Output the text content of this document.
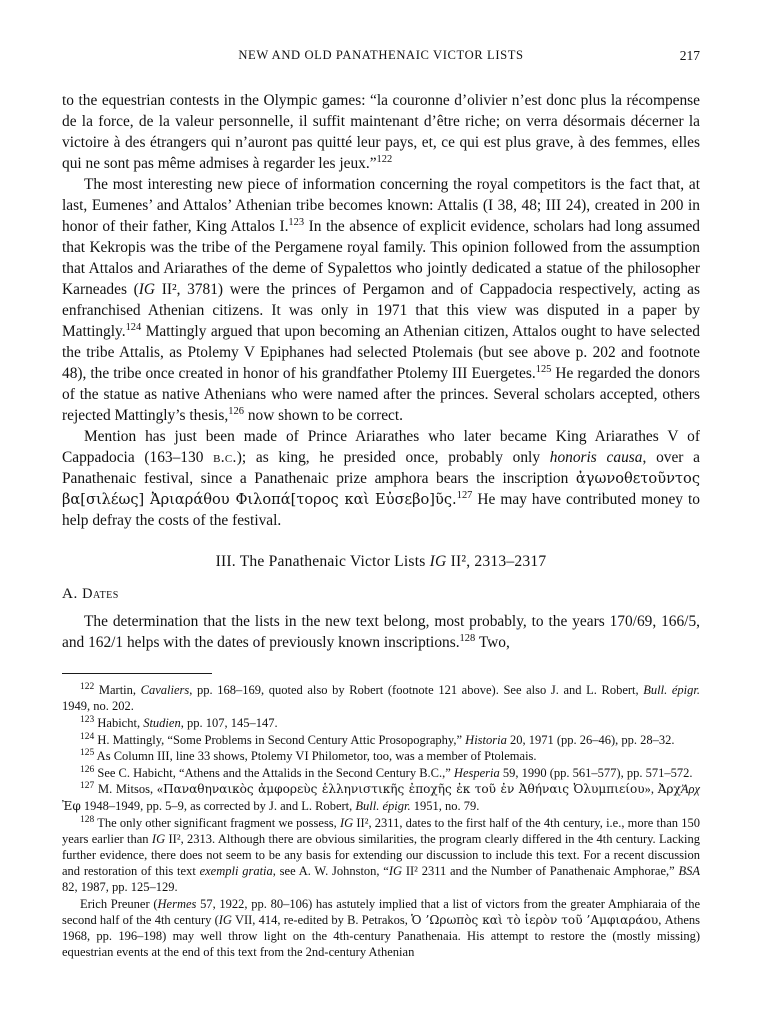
NEW AND OLD PANATHENAIC VICTOR LISTS	217

to the equestrian contests in the Olympic games: “la couronne d’olivier n’est donc plus la récompense de la force, de la valeur personnelle, il suffit maintenant d’être riche; on verra désormais décerner la victoire à des étrangers qui n’auront pas quitté leur pays, et, ce qui est plus grave, à des femmes, elles qui ne sont pas même admises à regarder les jeux.”$^{122}$

The most interesting new piece of information concerning the royal competitors is the fact that, at last, Eumenes’ and Attalos’ Athenian tribe becomes known: Attalis (I 38, 48; III 24), created in 200 in honor of their father, King Attalos I.$^{123}$ In the absence of explicit evidence, scholars had long assumed that Kekropis was the tribe of the Pergamene royal family. This opinion followed from the assumption that Attalos and Ariarathes of the deme of Sypalettos who jointly dedicated a statue of the philosopher Karneades (IG II², 3781) were the princes of Pergamon and of Cappadocia respectively, acting as enfranchised Athenian citizens. It was only in 1971 that this view was disputed in a paper by Mattingly.$^{124}$ Mattingly argued that upon becoming an Athenian citizen, Attalos ought to have selected the tribe Attalis, as Ptolemy V Epiphanes had selected Ptolemais (but see above p. 202 and footnote 48), the tribe once created in honor of his grandfather Ptolemy III Euergetes.$^{125}$ He regarded the donors of the statue as native Athenians who were named after the princes. Several scholars accepted, others rejected Mattingly’s thesis,$^{126}$ now shown to be correct.

Mention has just been made of Prince Ariarathes who later became King Ariarathes V of Cappadocia (163–130 b.c.); as king, he presided once, probably only honoris causa, over a Panathenaic festival, since a Panathenaic prize amphora bears the inscription ἀγωνοθετοῦντος βα[σιλέως] Ἀριαράθου Φιλοπά[τορος καὶ Εὐσεβο]ῦς.$^{127}$ He may have contributed money to help defray the costs of the festival.

III. The Panathenaic Victor Lists IG II², 2313–2317
A. Dates

The determination that the lists in the new text belong, most probably, to the years 170/69, 166/5, and 162/1 helps with the dates of previously known inscriptions.$^{128}$ Two,

$^{122}$ Martin, Cavaliers, pp. 168–169, quoted also by Robert (footnote 121 above). See also J. and L. Robert, Bull. épigr. 1949, no. 202.

$^{123}$ Habicht, Studien, pp. 107, 145–147.

$^{124}$ H. Mattingly, “Some Problems in Second Century Attic Prosopography,” Historia 20, 1971 (pp. 26–46), pp. 28–32.

$^{125}$ As Column III, line 33 shows, Ptolemy VI Philometor, too, was a member of Ptolemais.

$^{126}$ See C. Habicht, “Athens and the Attalids in the Second Century B.C.,” Hesperia 59, 1990 (pp. 561–577), pp. 571–572.

$^{127}$ M. Mitsos, «Παναθηναικὸς ἀμφορεὺς ἑλληνιστικῆς ἐποχῆς ἐκ τοῦ ἐν Ἀθήναις Ὀλυμπιείου», ἈρχἈρχ Ἐφ 1948–1949, pp. 5–9, as corrected by J. and L. Robert, Bull. épigr. 1951, no. 79.

$^{128}$ The only other significant fragment we possess, IG II², 2311, dates to the first half of the 4th century, i.e., more than 150 years earlier than IG II², 2313. Although there are obvious similarities, the program clearly differed in the 4th century. Lacking further evidence, there does not seem to be any basis for extending our discussion to include this text. For a recent discussion and restoration of this text exempli gratia, see A. W. Johnston, “IG II² 2311 and the Number of Panathenaic Amphorae,” BSA 82, 1987, pp. 125–129.

Erich Preuner (Hermes 57, 1922, pp. 80–106) has astutely implied that a list of victors from the greater Amphiaraia of the second half of the 4th century (IG VII, 414, re-edited by B. Petrakos, Ὁ ’Ωρωπὸς καὶ τὸ ἱερὸν τοῦ ’Αμφιαράου, Athens 1968, pp. 196–198) may well throw light on the 4th-century Panathenaia. His attempt to restore the (mostly missing) equestrian events at the end of this text from the 2nd-century Athenian
